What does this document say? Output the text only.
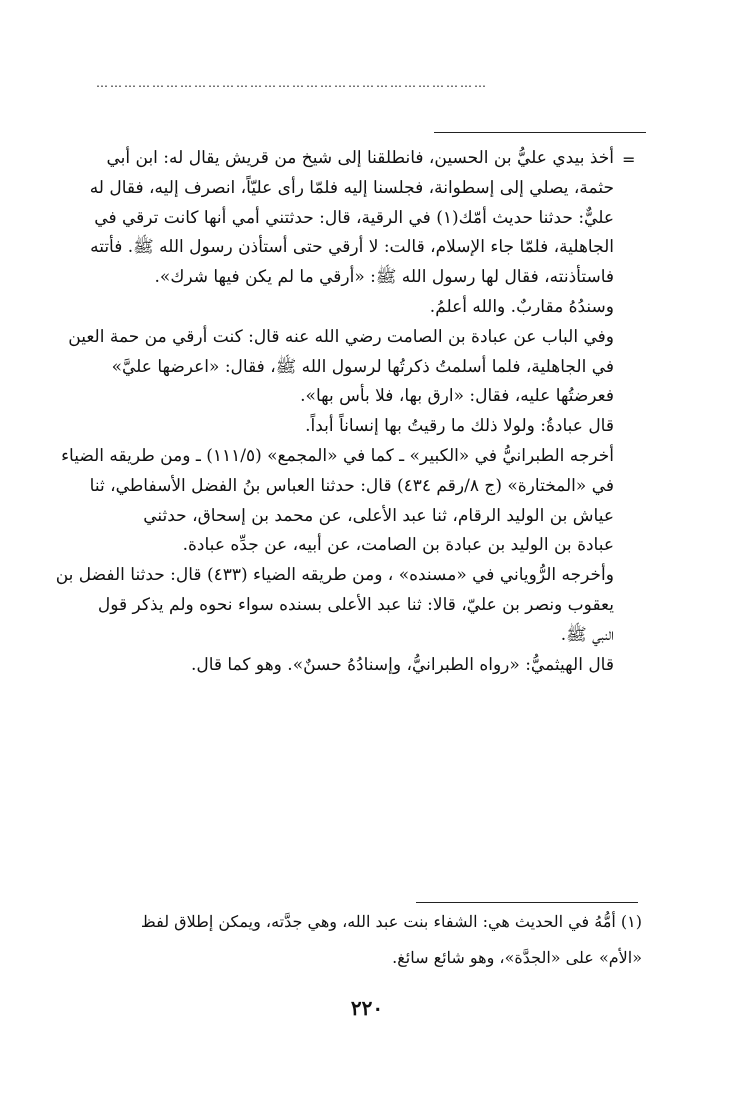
…………………………………………………………………………
=
أخذ بيدي عليُّ بن الحسين، فانطلقنا إلى شيخ من قريش يقال له: ابن أبي
حثمة، يصلي إلى إسطوانة، فجلسنا إليه فلمّا رأى عليّاً، انصرف إليه، فقال له
عليٌّ: حدثنا حديث أمّك(١) في الرقية، قال: حدثتني أمي أنها كانت ترقي في
الجاهلية، فلمّا جاء الإسلام، قالت: لا أرقي حتى أستأذن رسول الله ﷺ. فأتته
فاستأذنته، فقال لها رسول الله ﷺ: «أرقي ما لم يكن فيها شرك».
وسندُهُ مقاربٌ. والله أعلمُ.
وفي الباب عن عبادة بن الصامت رضي الله عنه قال: كنت أرقي من حمة العين
في الجاهلية، فلما أسلمتُ ذكرتُها لرسول الله ﷺ، فقال: «اعرضها عليَّ»
فعرضتُها عليه، فقال: «ارق بها، فلا بأس بها».
قال عبادةُ: ولولا ذلك ما رقيتُ بها إنساناً أبداً.
أخرجه الطبرانيُّ في «الكبير» ـ كما في «المجمع» (١١١/٥) ـ ومن طريقه الضياء
في «المختارة» (ج ٨/رقم ٤٣٤) قال: حدثنا العباس بنُ الفضل الأسفاطي، ثنا
عياش بن الوليد الرقام، ثنا عبد الأعلى، عن محمد بن إسحاق، حدثني
عبادة بن الوليد بن عبادة بن الصامت، عن أبيه، عن جدِّه عبادة.
وأخرجه الرُّوياني في «مسنده» ، ومن طريقه الضياء (٤٣٣) قال: حدثنا الفضل بن
يعقوب ونصر بن عليّ، قالا: ثنا عبد الأعلى بسنده سواء نحوه ولم يذكر قول
النبي ﷺ.
قال الهيثميُّ: «رواه الطبرانيُّ، وإسنادُهُ حسنٌ». وهو كما قال.
(١) أمُّهُ في الحديث هي: الشفاء بنت عبد الله، وهي جدَّته، ويمكن إطلاق لفظ
«الأم» على «الجدَّة»، وهو شائع سائغ.
٢٢٠
